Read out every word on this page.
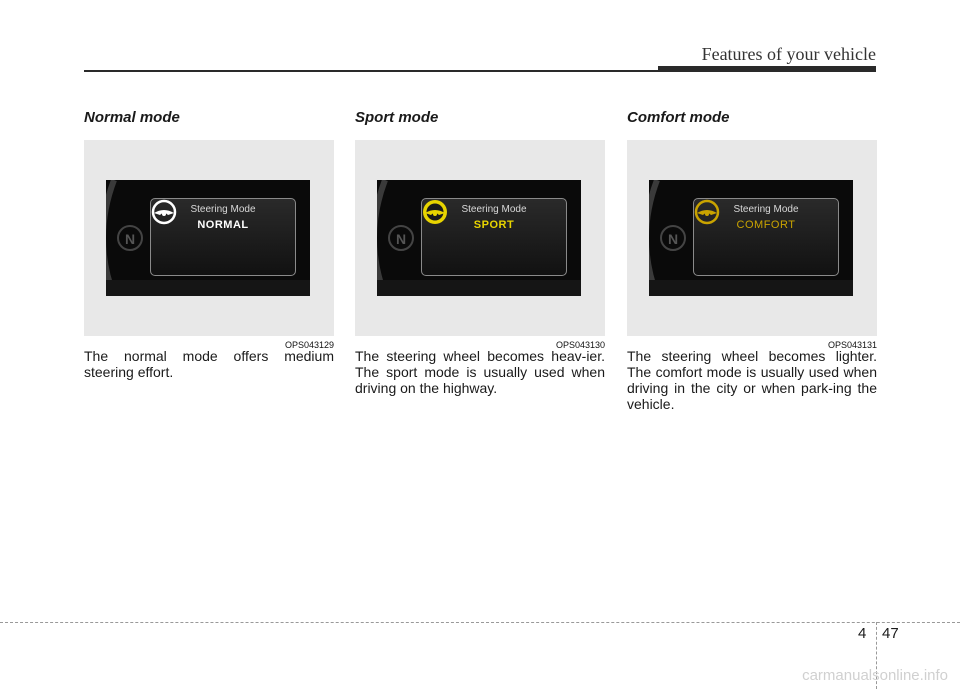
Features of your vehicle
Normal mode
N
Steering Mode
NORMAL
OPS043129
The normal mode offers medium steering effort.
Sport mode
N
Steering Mode
SPORT
OPS043130
The steering wheel becomes heav-ier. The sport mode is usually used when driving on the highway.
Comfort mode
N
Steering Mode
COMFORT
OPS043131
The steering wheel becomes lighter. The comfort mode is usually used when driving in the city or when park-ing the vehicle.
4 47
carmanualsonline.info
